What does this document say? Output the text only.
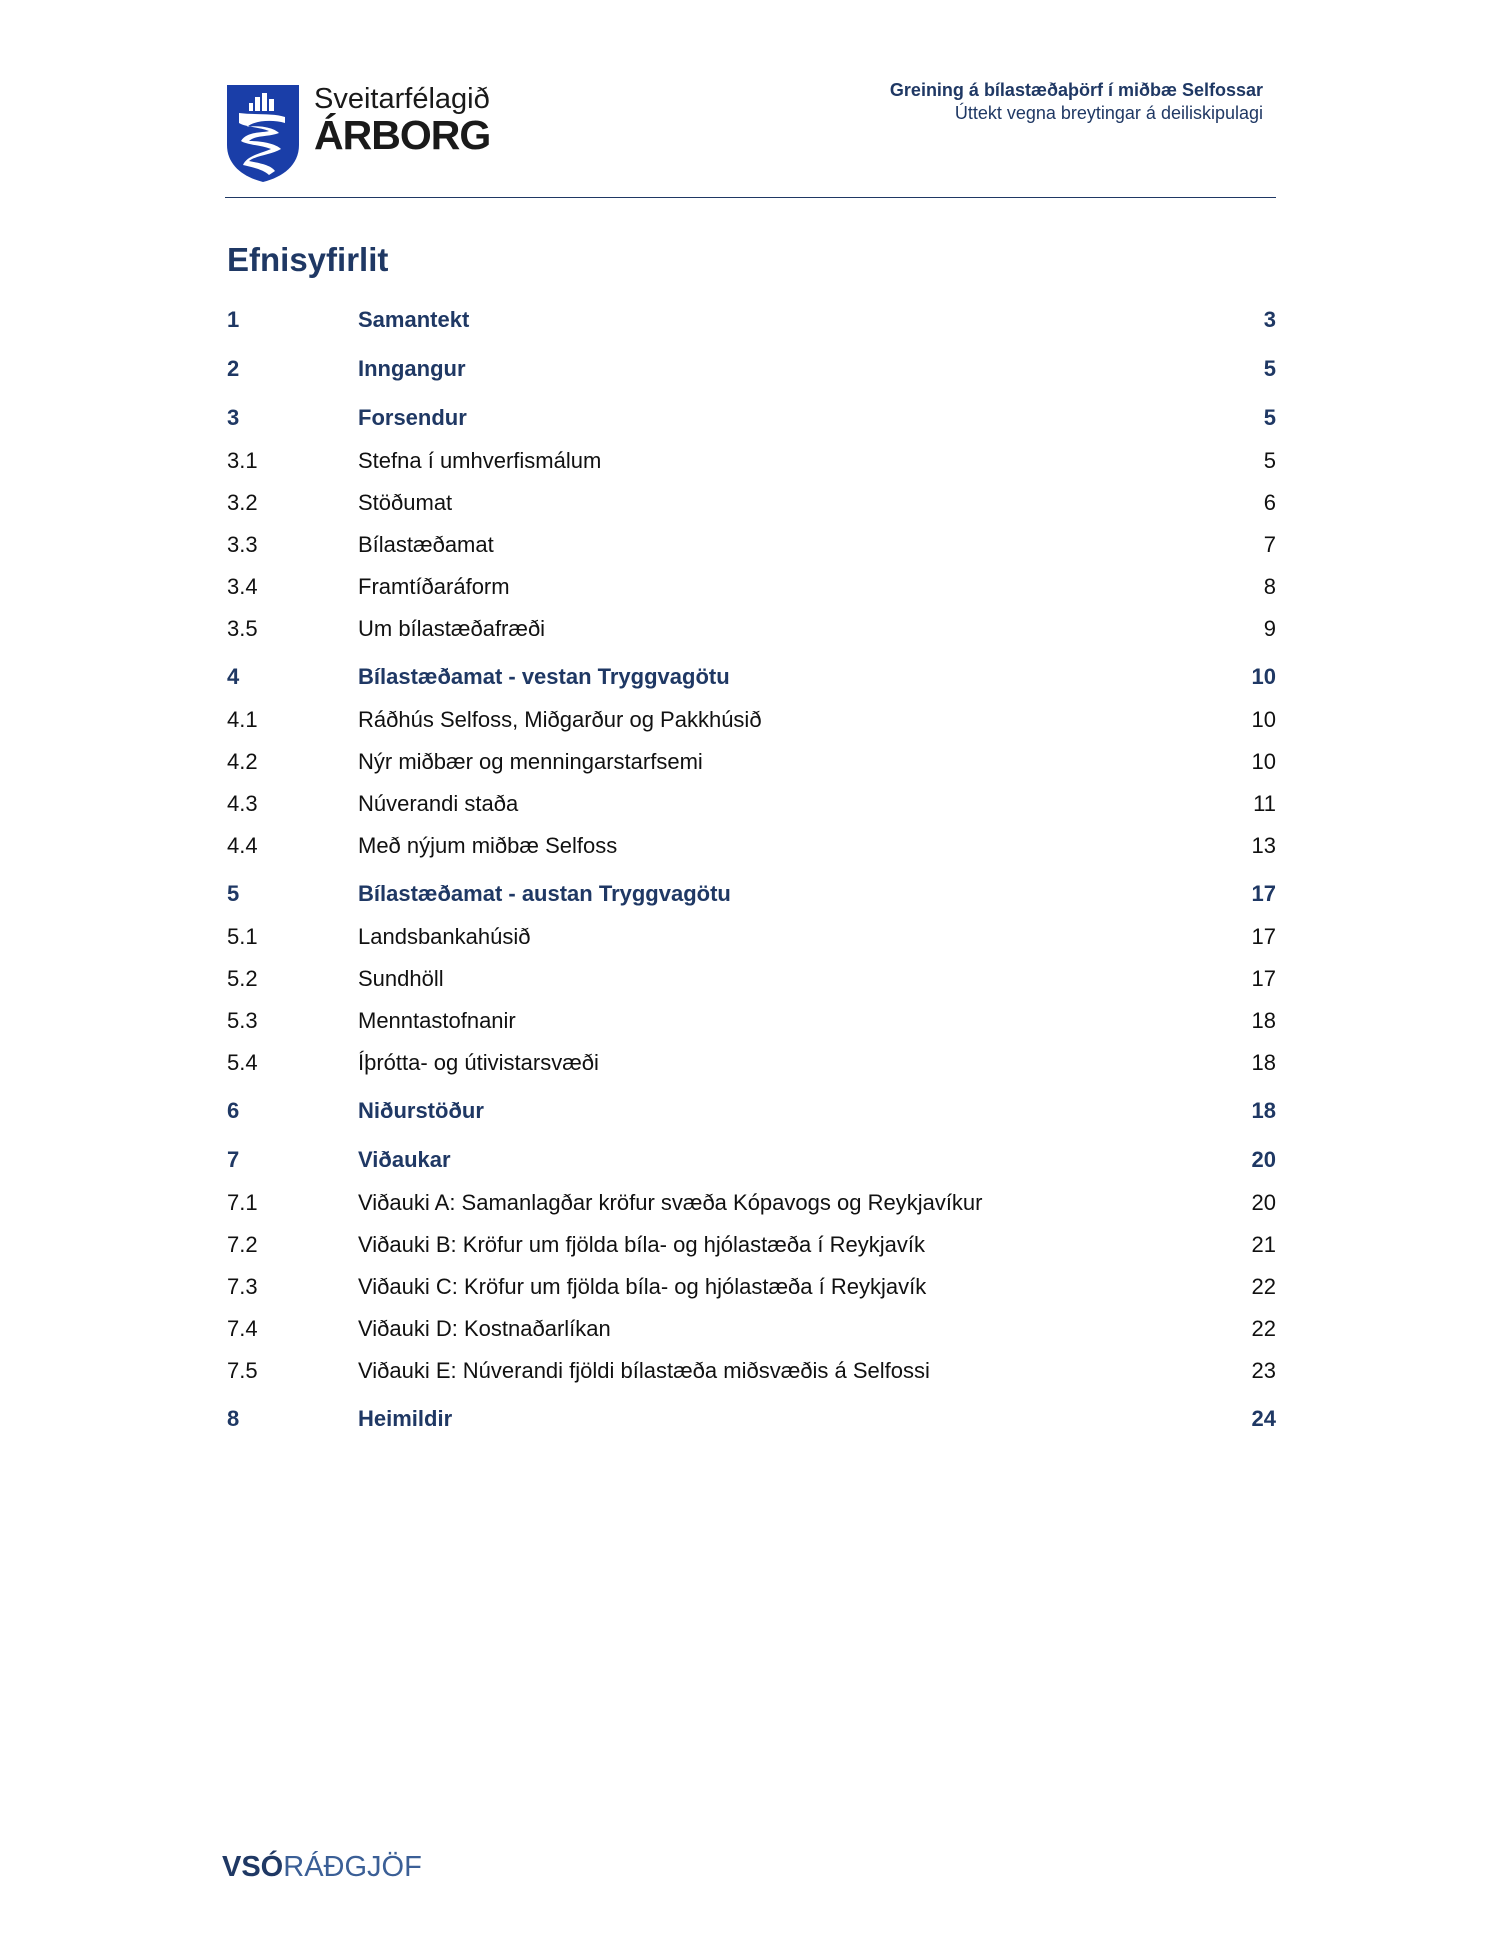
Sveitarfélagið
ÁRBORG
Greining á bílastæðaþörf í miðbæ Selfossar
Úttekt vegna breytingar á deiliskipulagi
Efnisyfirlit
1	Samantekt	3
2	Inngangur	5
3	Forsendur	5
3.1	Stefna í umhverfismálum	5
3.2	Stöðumat	6
3.3	Bílastæðamat	7
3.4	Framtíðaráform	8
3.5	Um bílastæðafræði	9
4	Bílastæðamat - vestan Tryggvagötu	10
4.1	Ráðhús Selfoss, Miðgarður og Pakkhúsið	10
4.2	Nýr miðbær og menningarstarfsemi	10
4.3	Núverandi staða	11
4.4	Með nýjum miðbæ Selfoss	13
5	Bílastæðamat - austan Tryggvagötu	17
5.1	Landsbankahúsið	17
5.2	Sundhöll	17
5.3	Menntastofnanir	18
5.4	Íþrótta- og útivistarsvæði	18
6	Niðurstöður	18
7	Viðaukar	20
7.1	Viðauki A: Samanlagðar kröfur svæða Kópavogs og Reykjavíkur	20
7.2	Viðauki B: Kröfur um fjölda bíla- og hjólastæða í Reykjavík	21
7.3	Viðauki C: Kröfur um fjölda bíla- og hjólastæða í Reykjavík	22
7.4	Viðauki D: Kostnaðarlíkan	22
7.5	Viðauki E: Núverandi fjöldi bílastæða miðsvæðis á Selfossi	23
8	Heimildir	24
VSÓRÁÐGJÖF
